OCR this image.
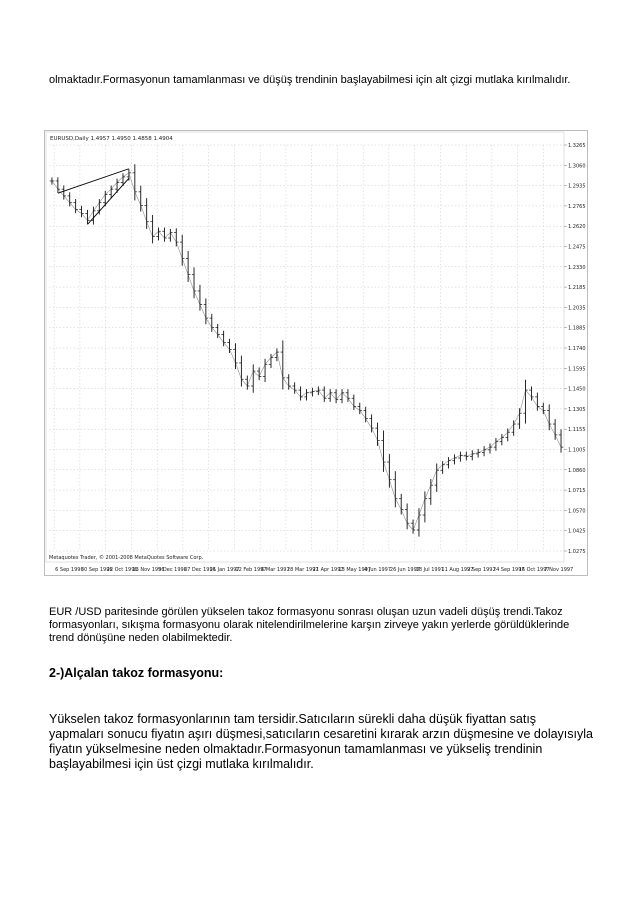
olmaktadır.Formasyonun tamamlanması ve düşüş trendinin başlayabilmesi için alt çizgi mutlaka kırılmalıdır.

EURUSD,Daily 1.4957 1.4950 1.4858 1.4904
Metaquotes Trader, © 2001-2008 MetaQuotes Software Corp.
1.3265
1.3060
1.2935
1.2765
1.2620
1.2475
1.2330
1.2185
1.2035
1.1885
1.1740
1.1595
1.1450
1.1305
1.1155
1.1005
1.0860
1.0715
1.0570
1.0425
1.0275
6 Sep 1996
30 Sep 1996
22 Oct 1996
13 Nov 1996
5 Dec 1996
27 Dec 1996
21 Jan 1997
12 Feb 1997
6 Mar 1997
28 Mar 1997
21 Apr 1997
13 May 1997
4 Jun 1997
26 Jun 1997
18 Jul 1997
11 Aug 1997
2 Sep 1997
24 Sep 1997
16 Oct 1997
7 Nov 1997

EUR /USD paritesinde görülen yükselen takoz formasyonu sonrası oluşan uzun vadeli düşüş trendi.Takoz formasyonları, sıkışma formasyonu olarak nitelendirilmelerine karşın zirveye yakın yerlerde görüldüklerinde trend dönüşüne neden olabilmektedir.

2-)Alçalan takoz formasyonu:

Yükselen takoz formasyonlarının tam tersidir.Satıcıların sürekli daha düşük fiyattan satış yapmaları sonucu fiyatın aşırı düşmesi,satıcıların cesaretini kırarak arzın düşmesine ve dolayısıyla fiyatın yükselmesine neden olmaktadır.Formasyonun tamamlanması ve yükseliş trendinin başlayabilmesi için üst çizgi mutlaka kırılmalıdır.
